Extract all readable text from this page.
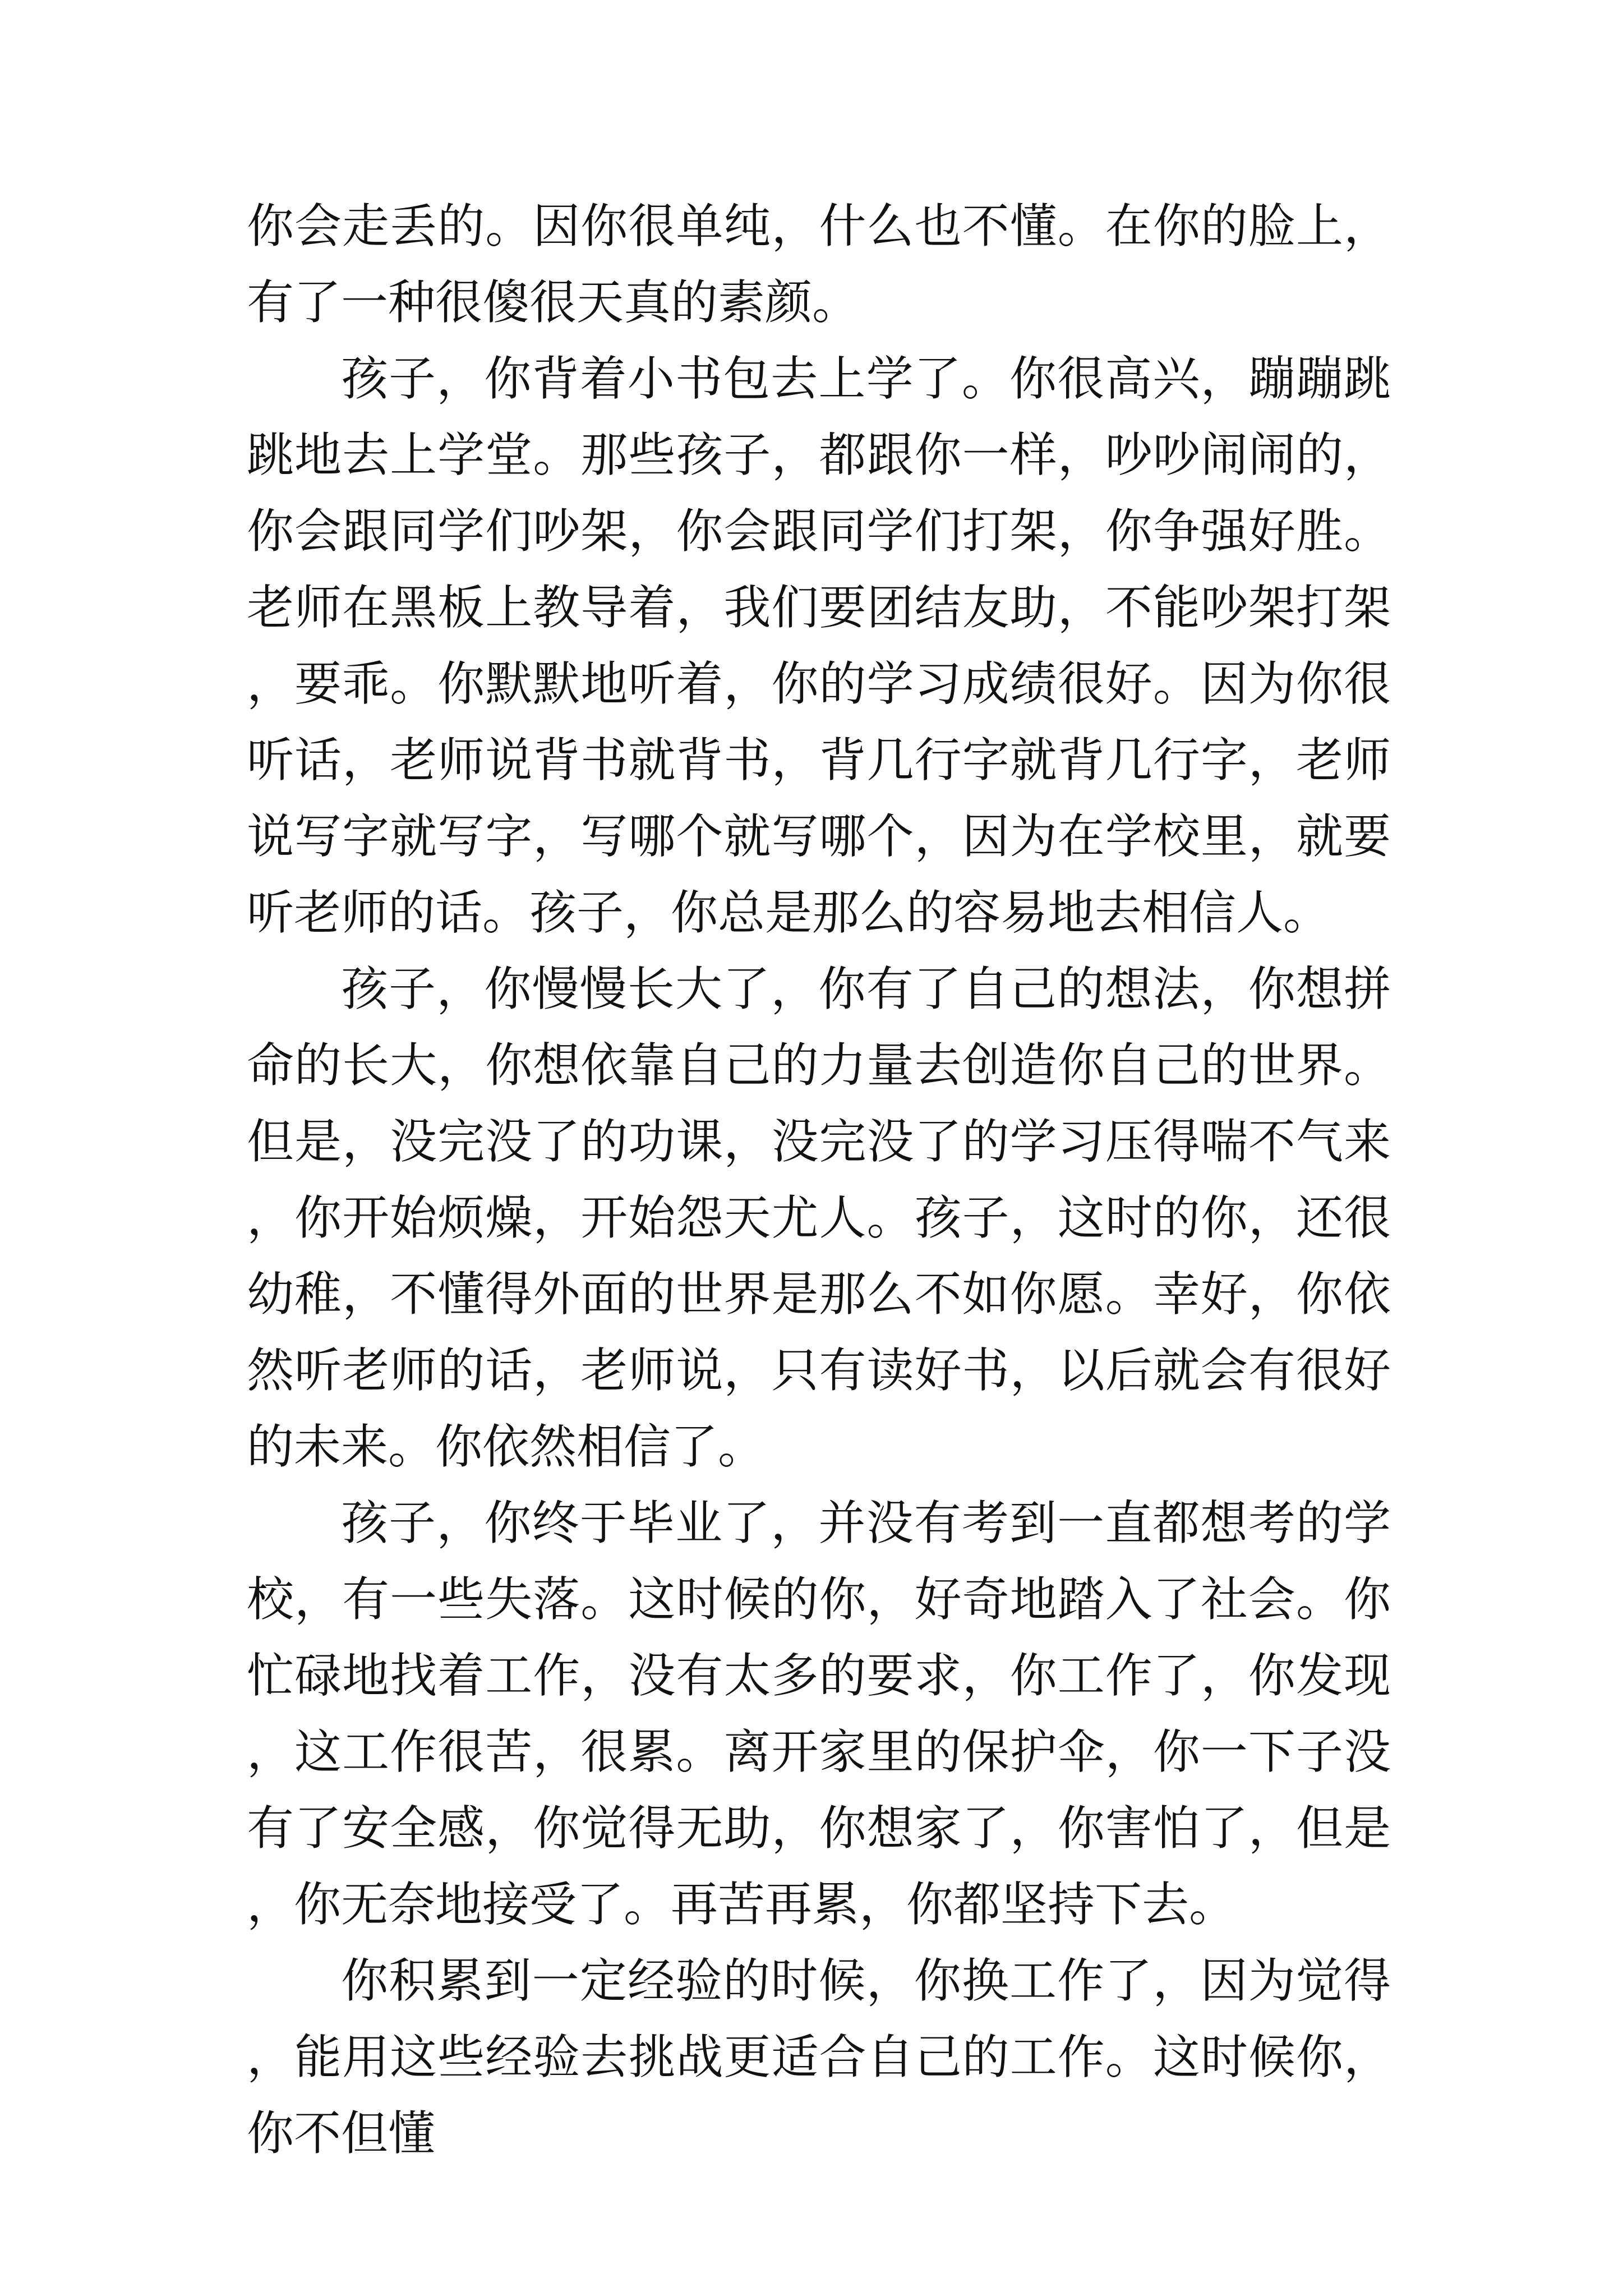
你会走丢的。因你很单纯，什么也不懂。在你的脸上，有了一种很傻很天真的素颜。

孩子，你背着小书包去上学了。你很高兴，蹦蹦跳跳地去上学堂。那些孩子，都跟你一样，吵吵闹闹的，你会跟同学们吵架，你会跟同学们打架，你争强好胜。老师在黑板上教导着，我们要团结友助，不能吵架打架，要乖。你默默地听着，你的学习成绩很好。因为你很听话，老师说背书就背书，背几行字就背几行字，老师说写字就写字，写哪个就写哪个，因为在学校里，就要听老师的话。孩子，你总是那么的容易地去相信人。

孩子，你慢慢长大了，你有了自己的想法，你想拼命的长大，你想依靠自己的力量去创造你自己的世界。但是，没完没了的功课，没完没了的学习压得喘不气来，你开始烦燥，开始怨天尤人。孩子，这时的你，还很幼稚，不懂得外面的世界是那么不如你愿。幸好，你依然听老师的话，老师说，只有读好书，以后就会有很好的未来。你依然相信了。

孩子，你终于毕业了，并没有考到一直都想考的学校，有一些失落。这时候的你，好奇地踏入了社会。你忙碌地找着工作，没有太多的要求，你工作了，你发现，这工作很苦，很累。离开家里的保护伞，你一下子没有了安全感，你觉得无助，你想家了，你害怕了，但是，你无奈地接受了。再苦再累，你都坚持下去。

你积累到一定经验的时候，你换工作了，因为觉得，能用这些经验去挑战更适合自己的工作。这时候你，你不但懂
